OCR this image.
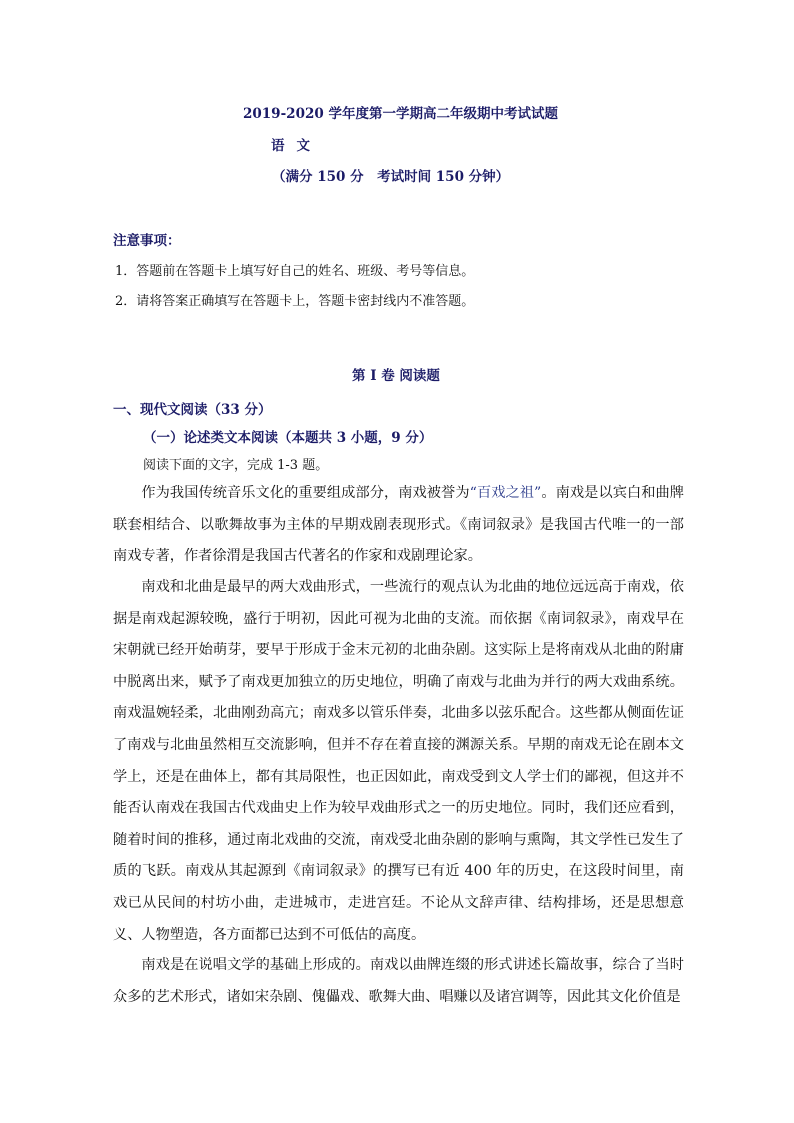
2019-2020 学年度第一学期高二年级期中考试试题
语文
（满分 150 分　考试时间 150 分钟）
注意事项：
1．答题前在答题卡上填写好自己的姓名、班级、考号等信息。
2．请将答案正确填写在答题卡上，答题卡密封线内不准答题。
第 I 卷 阅读题
一、现代文阅读（33 分）
（一）论述类文本阅读（本题共 3 小题，9 分）
阅读下面的文字，完成 1-3 题。
作为我国传统音乐文化的重要组成部分，南戏被誉为“百戏之祖”。南戏是以宾白和曲牌联套相结合、以歌舞故事为主体的早期戏剧表现形式。《南词叙录》是我国古代唯一的一部南戏专著，作者徐渭是我国古代著名的作家和戏剧理论家。
南戏和北曲是最早的两大戏曲形式，一些流行的观点认为北曲的地位远远高于南戏，依据是南戏起源较晚，盛行于明初，因此可视为北曲的支流。而依据《南词叙录》，南戏早在宋朝就已经开始萌芽，要早于形成于金末元初的北曲杂剧。这实际上是将南戏从北曲的附庸中脱离出来，赋予了南戏更加独立的历史地位，明确了南戏与北曲为并行的两大戏曲系统。南戏温婉轻柔，北曲刚劲高亢；南戏多以管乐伴奏，北曲多以弦乐配合。这些都从侧面佐证了南戏与北曲虽然相互交流影响，但并不存在着直接的渊源关系。早期的南戏无论在剧本文学上，还是在曲体上，都有其局限性，也正因如此，南戏受到文人学士们的鄙视，但这并不能否认南戏在我国古代戏曲史上作为较早戏曲形式之一的历史地位。同时，我们还应看到，随着时间的推移，通过南北戏曲的交流，南戏受北曲杂剧的影响与熏陶，其文学性已发生了质的飞跃。南戏从其起源到《南词叙录》的撰写已有近 400 年的历史，在这段时间里，南戏已从民间的村坊小曲，走进城市，走进宫廷。不论从文辞声律、结构排场，还是思想意义、人物塑造，各方面都已达到不可低估的高度。
南戏是在说唱文学的基础上形成的。南戏以曲牌连缀的形式讲述长篇故事，综合了当时众多的艺术形式，诸如宋杂剧、傀儡戏、歌舞大曲、唱赚以及诸宫调等，因此其文化价值是
